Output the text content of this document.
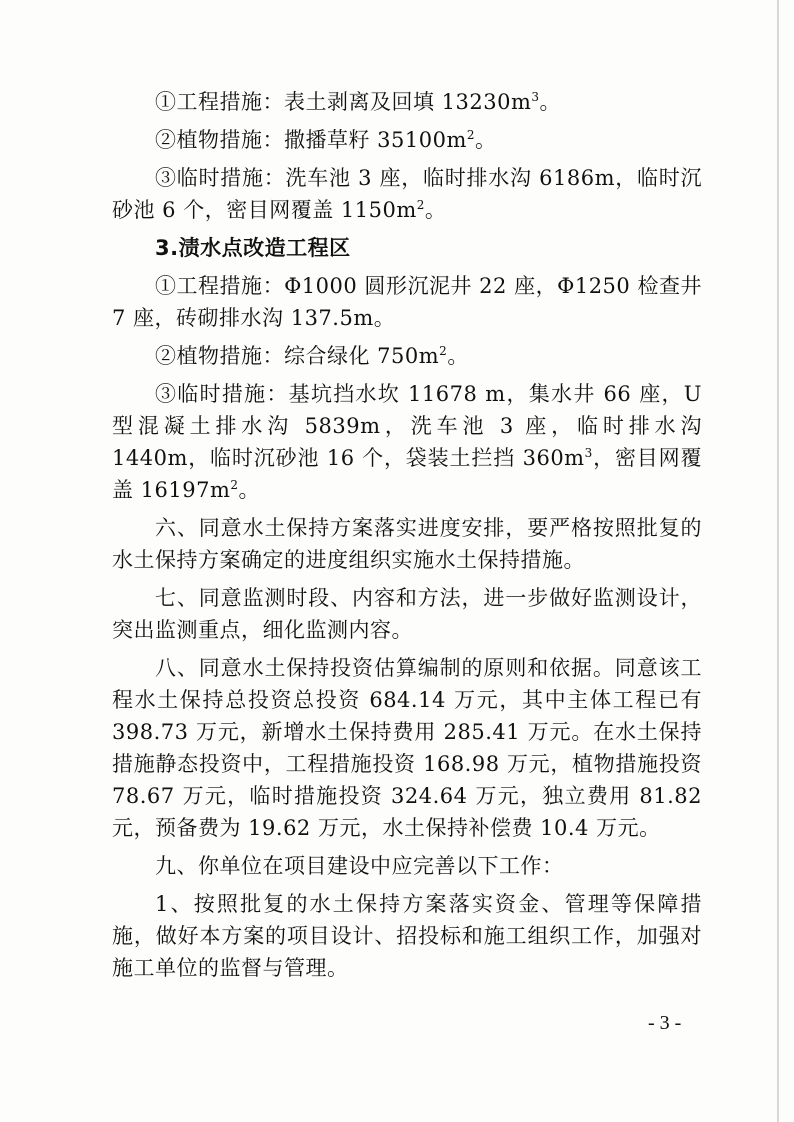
①工程措施：表土剥离及回填 $13230m^3$。

②植物措施：撒播草籽 $35100m^2$。

③临时措施：洗车池 3 座，临时排水沟 6186m，临时沉砂池 6 个，密目网覆盖 $1150m^2$。

3.渍水点改造工程区

①工程措施：Φ1000 圆形沉泥井 22 座，Φ1250 检查井 7 座，砖砌排水沟 137.5m。

②植物措施：综合绿化 $750m^2$。

③临时措施：基坑挡水坎 11678 m，集水井 66 座，U 型混凝土排水沟 5839m，洗车池 3 座，临时排水沟 1440m，临时沉砂池 16 个，袋装土拦挡 $360m^3$，密目网覆盖 $16197m^2$。

六、同意水土保持方案落实进度安排，要严格按照批复的水土保持方案确定的进度组织实施水土保持措施。

七、同意监测时段、内容和方法，进一步做好监测设计，突出监测重点，细化监测内容。

八、同意水土保持投资估算编制的原则和依据。同意该工程水土保持总投资总投资 684.14 万元，其中主体工程已有 398.73 万元，新增水土保持费用 285.41 万元。在水土保持措施静态投资中，工程措施投资 168.98 万元，植物措施投资 78.67 万元，临时措施投资 324.64 万元，独立费用 81.82 元，预备费为 19.62 万元，水土保持补偿费 10.4 万元。

九、你单位在项目建设中应完善以下工作：

1、按照批复的水土保持方案落实资金、管理等保障措施，做好本方案的项目设计、招投标和施工组织工作，加强对施工单位的监督与管理。

- 3 -
